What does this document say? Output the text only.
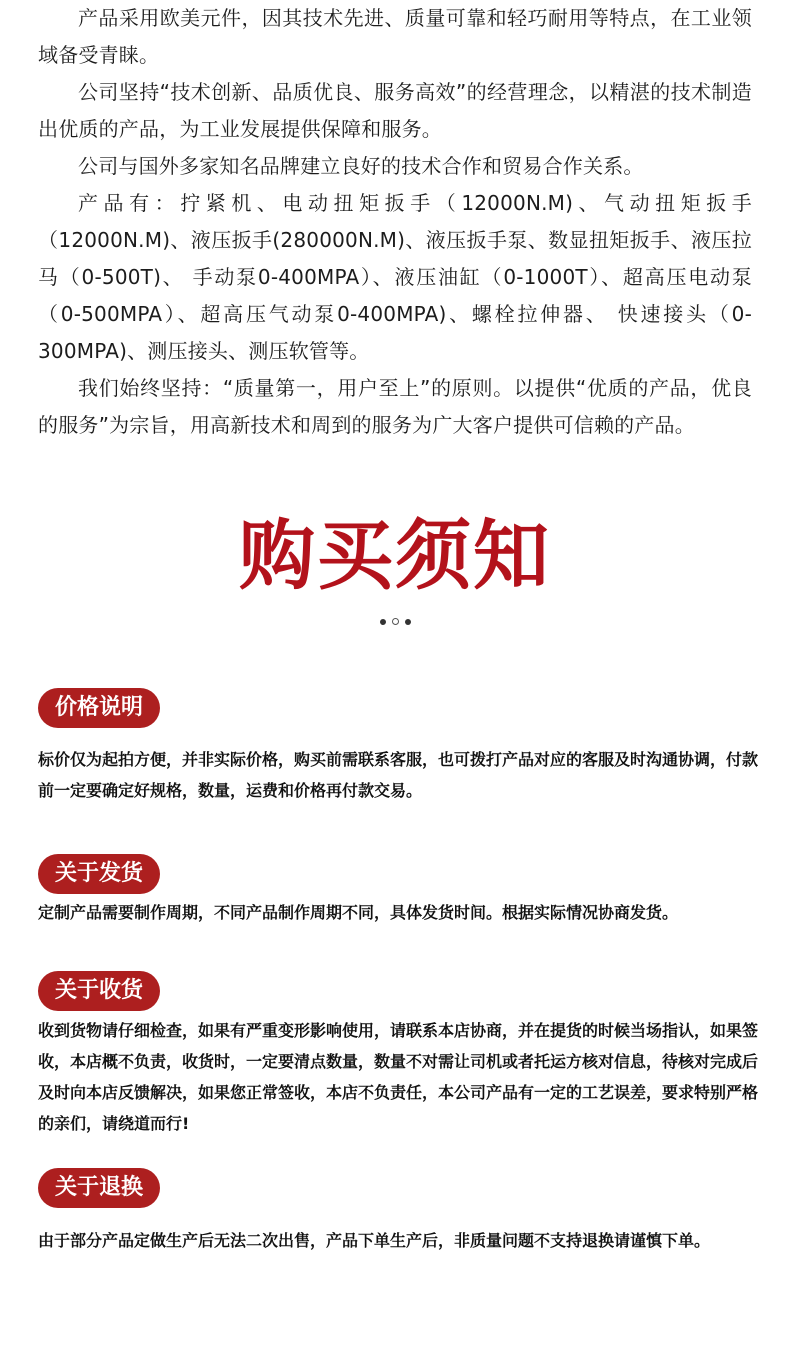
产品采用欧美元件，因其技术先进、质量可靠和轻巧耐用等特点，在工业领域备受青睐。

公司坚持“技术创新、品质优良、服务高效”的经营理念，以精湛的技术制造出优质的产品，为工业发展提供保障和服务。

公司与国外多家知名品牌建立良好的技术合作和贸易合作关系。

产品有：拧紧机、电动扭矩扳手（12000N.M)、气动扭矩扳手（12000N.M)、液压扳手(280000N.M)、液压扳手泵、数显扭矩扳手、液压拉马（0-500T)、 手动泵0-400MPA）、液压油缸（0-1000T）、超高压电动泵（0-500MPA）、超高压气动泵0-400MPA)、螺栓拉伸器、 快速接头（0-300MPA)、测压接头、测压软管等。

我们始终坚持：“质量第一，用户至上”的原则。以提供“优质的产品，优良的服务”为宗旨，用高新技术和周到的服务为广大客户提供可信赖的产品。

购买须知

价格说明

标价仅为起拍方便，并非实际价格，购买前需联系客服，也可拨打产品对应的客服及时沟通协调，付款前一定要确定好规格，数量，运费和价格再付款交易。

关于发货

定制产品需要制作周期，不同产品制作周期不同，具体发货时间。根据实际情况协商发货。

关于收货

收到货物请仔细检查，如果有严重变形影响使用，请联系本店协商，并在提货的时候当场指认，如果签收，本店概不负责，收货时，一定要清点数量，数量不对需让司机或者托运方核对信息，待核对完成后及时向本店反馈解决，如果您正常签收，本店不负责任，本公司产品有一定的工艺误差，要求特别严格的亲们，请绕道而行!

关于退换

由于部分产品定做生产后无法二次出售，产品下单生产后，非质量问题不支持退换请谨慎下单。
